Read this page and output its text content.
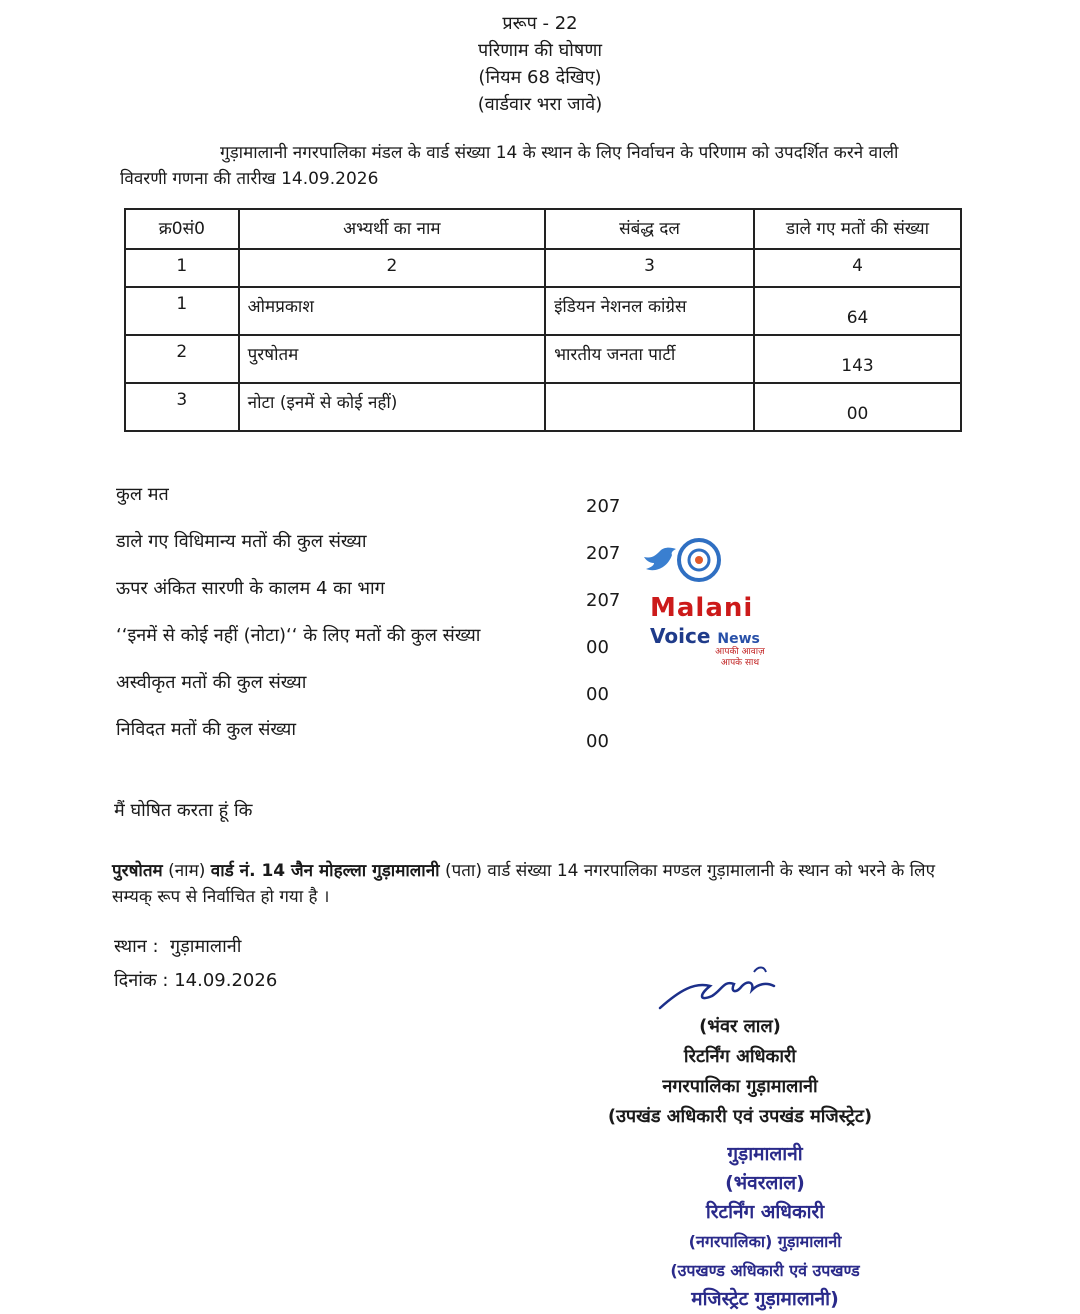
प्ररूप - 22
परिणाम की घोषणा
(नियम 68 देखिए)
(वार्डवार भरा जावे)

गुड़ामालानी नगरपालिका मंडल के वार्ड संख्या 14 के स्थान के लिए निर्वाचन के परिणाम को उपदर्शित करने वाली विवरणी गणना की तारीख 14.09.2026

क्र0सं0	अभ्यर्थी का नाम	संबंद्ध दल	डाले गए मतों की संख्या
1	2	3	4
1	ओमप्रकाश	इंडियन नेशनल कांग्रेस	64
2	पुरषोतम	भारतीय जनता पार्टी	143
3	नोटा (इनमें से कोई नहीं)		00
कुल मत
207
डाले गए विधिमान्य मतों की कुल संख्या
207
ऊपर अंकित सारणी के कालम 4 का भाग
207
‘‘इनमें से कोई नहीं (नोटा)‘‘ के लिए मतों की कुल संख्या
00
अस्वीकृत मतों की कुल संख्या
00
निविदत मतों की कुल संख्या
00
Malani
Voice News
आपकी आवाज़
आपके साथ
मैं घोषित करता हूं कि
पुरषोतम (नाम) वार्ड नं. 14 जैन मोहल्ला गुड़ामालानी (पता) वार्ड संख्या 14 नगरपालिका मण्डल गुड़ामालानी के स्थान को भरने के लिए सम्यक् रूप से निर्वाचित हो गया है ।
स्थान : गुड़ामालानी
दिनांक : 14.09.2026
(भंवर लाल)
रिटर्निंग अधिकारी
नगरपालिका गुड़ामालानी
(उपखंड अधिकारी एवं उपखंड मजिस्ट्रेट)
गुड़ामालानी
(भंवरलाल)
रिटर्निंग अधिकारी
(नगरपालिका) गुड़ामालानी
(उपखण्ड अधिकारी एवं उपखण्ड
मजिस्ट्रेट गुड़ामालानी)
